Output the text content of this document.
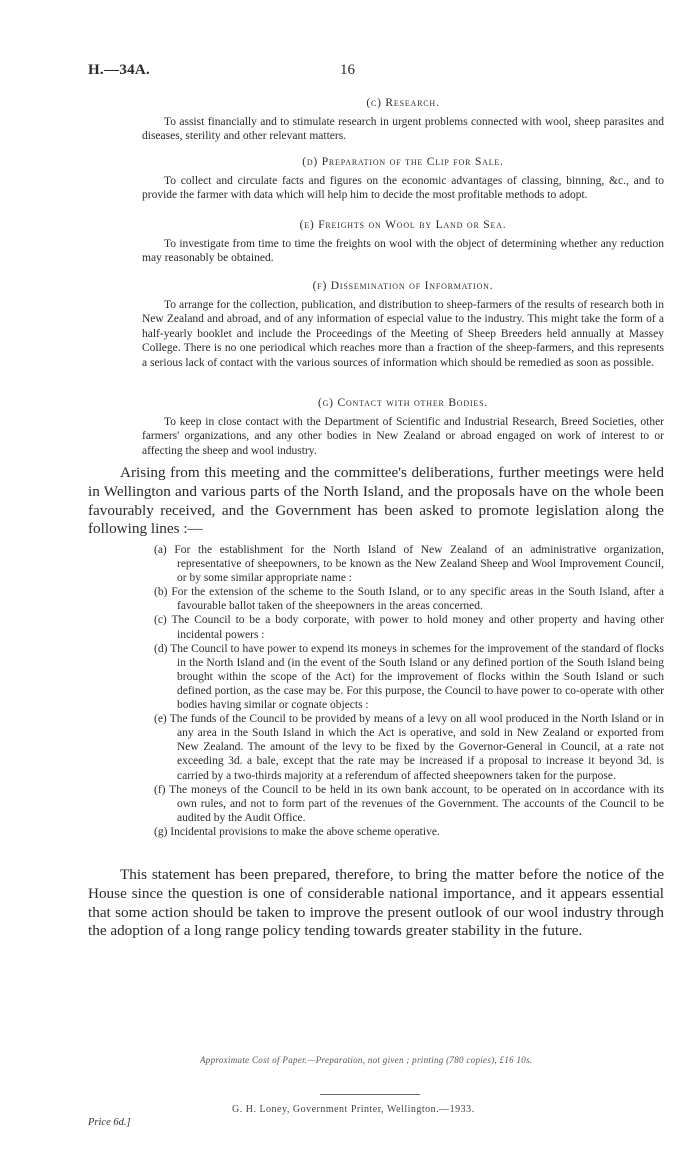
H.—34A.	16

(c) Research.

To assist financially and to stimulate research in urgent problems connected with wool, sheep parasites and diseases, sterility and other relevant matters.

(d) Preparation of the Clip for Sale.

To collect and circulate facts and figures on the economic advantages of classing, binning, &c., and to provide the farmer with data which will help him to decide the most profitable methods to adopt.

(e) Freights on Wool by Land or Sea.

To investigate from time to time the freights on wool with the object of determining whether any reduction may reasonably be obtained.

(f) Dissemination of Information.

To arrange for the collection, publication, and distribution to sheep-farmers of the results of research both in New Zealand and abroad, and of any information of especial value to the industry. This might take the form of a half-yearly booklet and include the Proceedings of the Meeting of Sheep Breeders held annually at Massey College. There is no one periodical which reaches more than a fraction of the sheep-farmers, and this represents a serious lack of contact with the various sources of information which should be remedied as soon as possible.

(g) Contact with other Bodies.

To keep in close contact with the Department of Scientific and Industrial Research, Breed Societies, other farmers' organizations, and any other bodies in New Zealand or abroad engaged on work of interest to or affecting the sheep and wool industry.

Arising from this meeting and the committee's deliberations, further meetings were held in Wellington and various parts of the North Island, and the proposals have on the whole been favourably received, and the Government has been asked to promote legislation along the following lines :—

(a) For the establishment for the North Island of New Zealand of an administrative organization, representative of sheepowners, to be known as the New Zealand Sheep and Wool Improvement Council, or by some similar appropriate name :
(b) For the extension of the scheme to the South Island, or to any specific areas in the South Island, after a favourable ballot taken of the sheepowners in the areas concerned.
(c) The Council to be a body corporate, with power to hold money and other property and having other incidental powers :
(d) The Council to have power to expend its moneys in schemes for the improvement of the standard of flocks in the North Island and (in the event of the South Island or any defined portion of the South Island being brought within the scope of the Act) for the improvement of flocks within the South Island or such defined portion, as the case may be. For this purpose, the Council to have power to co-operate with other bodies having similar or cognate objects :
(e) The funds of the Council to be provided by means of a levy on all wool produced in the North Island or in any area in the South Island in which the Act is operative, and sold in New Zealand or exported from New Zealand. The amount of the levy to be fixed by the Governor-General in Council, at a rate not exceeding 3d. a bale, except that the rate may be increased if a proposal to increase it beyond 3d. is carried by a two-thirds majority at a referendum of affected sheepowners taken for the purpose.
(f) The moneys of the Council to be held in its own bank account, to be operated on in accordance with its own rules, and not to form part of the revenues of the Government. The accounts of the Council to be audited by the Audit Office.
(g) Incidental provisions to make the above scheme operative.

This statement has been prepared, therefore, to bring the matter before the notice of the House since the question is one of considerable national importance, and it appears essential that some action should be taken to improve the present outlook of our wool industry through the adoption of a long range policy tending towards greater stability in the future.

Approximate Cost of Paper.—Preparation, not given ; printing (780 copies), £16 10s.
G. H. Loney, Government Printer, Wellington.—1933.
Price 6d.]
